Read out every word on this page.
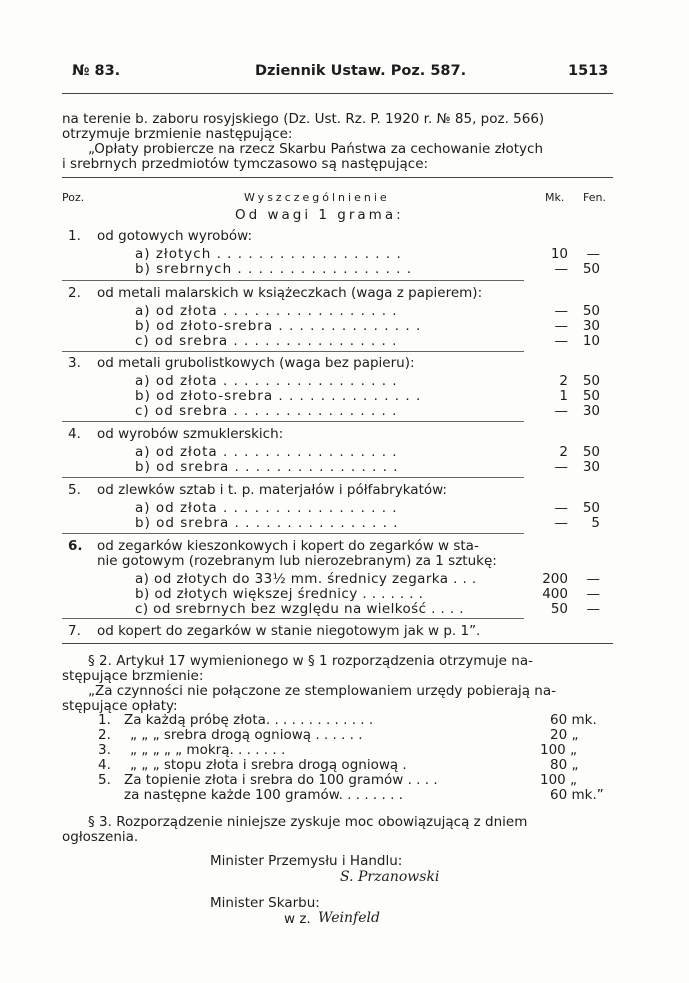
№ 83.	Dziennik Ustaw. Poz. 587.	1513
na terenie b. zaboru rosyjskiego (Dz. Ust. Rz. P. 1920 r. № 85, poz. 566)
otrzymuje brzmienie następujące:
„Opłaty probiercze na rzecz Skarbu Państwa za cechowanie złotych
i srebrnych przedmiotów tymczasowo są następujące:
Poz.	Wyszczególnienie	Mk. Fen.
Od wagi 1 grama:
1. od gotowych wyrobów:
a) złotych . . . . . . . . . . . . . . . . . .	10	—
b) srebrnych . . . . . . . . . . . . . . . . .	—	50
2. od metali malarskich w książeczkach (waga z papierem):
a) od złota . . . . . . . . . . . . . . . . .	—	50
b) od złoto-srebra . . . . . . . . . . . . . .	—	30
c) od srebra . . . . . . . . . . . . . . . .	—	10
3. od metali grubolistkowych (waga bez papieru):
a) od złota . . . . . . . . . . . . . . . . .	2	50
b) od złoto-srebra . . . . . . . . . . . . . .	1	50
c) od srebra . . . . . . . . . . . . . . . .	—	30
4. od wyrobów szmuklerskich:
a) od złota . . . . . . . . . . . . . . . . .	2	50
b) od srebra . . . . . . . . . . . . . . . .	—	30
5. od zlewków sztab i t. p. materjałów i półfabrykatów:
a) od złota . . . . . . . . . . . . . . . . .	—	50
b) od srebra . . . . . . . . . . . . . . . .	—	5
6. od zegarków kieszonkowych i kopert do zegarków w sta-
nie gotowym (rozebranym lub nierozebranym) za 1 sztukę:
a) od złotych do 33½ mm. średnicy zegarka . . .	200	—
b) od złotych większej średnicy . . . . . . .	400	—
c) od srebrnych bez względu na wielkość . . . .	50	—
7. od kopert do zegarków w stanie niegotowym jak w p. 1”.
§ 2. Artykuł 17 wymienionego w § 1 rozporządzenia otrzymuje na-
stępujące brzmienie:
„Za czynności nie połączone ze stemplowaniem urzędy pobierają na-
stępujące opłaty:
1. Za każdą próbę złota. . . . . . . . . . . . .	60 mk.
2. „ „ „ srebra drogą ogniową . . . . . .	20 „
3. „ „ „ „ „ mokrą. . . . . . .	100 „
4. „ „ „ stopu złota i srebra drogą ogniową .	80 „
5. Za topienie złota i srebra do 100 gramów . . . .	100 „
za następne każde 100 gramów. . . . . . . .	60 mk.”
§ 3. Rozporządzenie niniejsze zyskuje moc obowiązującą z dniem
ogłoszenia.
Minister Przemysłu i Handlu:
S. Przanowski
Minister Skarbu:
w z. Weinfeld
